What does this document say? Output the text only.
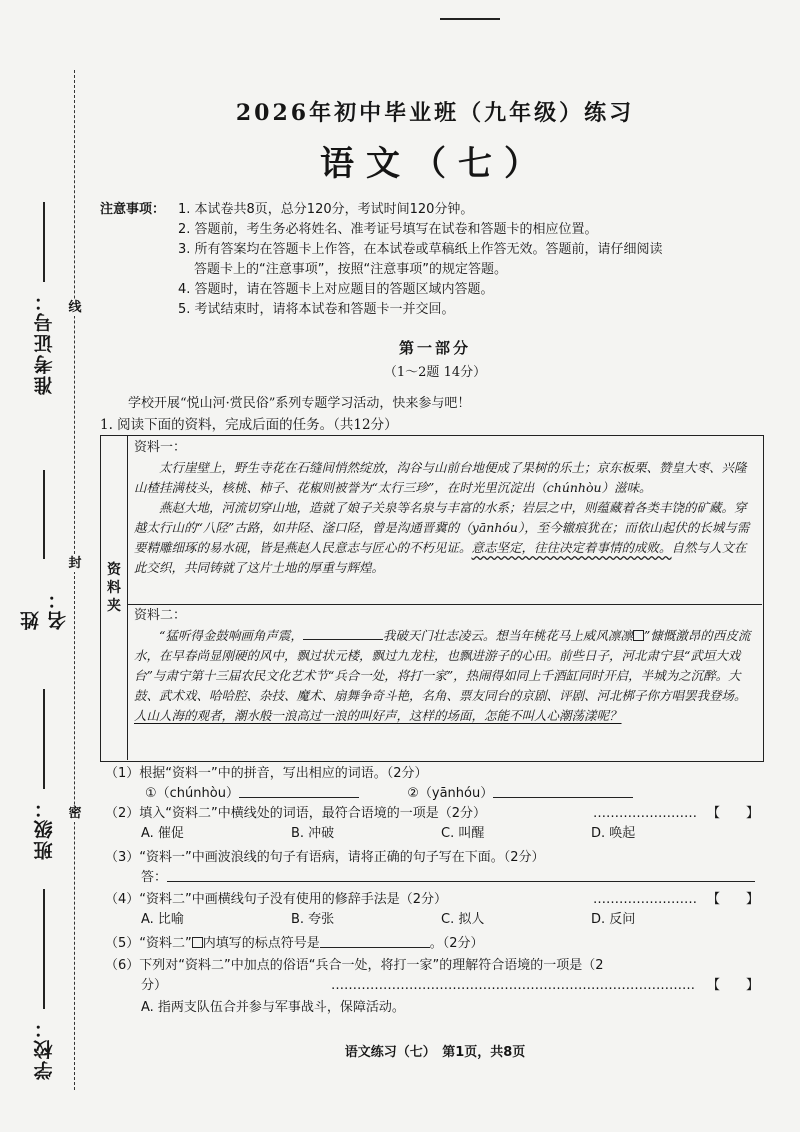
线
封
密
准考证号：
姓名：
班级：
学校：
2026年初中毕业班（九年级）练习
语文（七）
注意事项： 1. 本试卷共8页，总分120分，考试时间120分钟。
2. 答题前，考生务必将姓名、准考证号填写在试卷和答题卡的相应位置。
3. 所有答案均在答题卡上作答，在本试卷或草稿纸上作答无效。答题前，请仔细阅读
答题卡上的“注意事项”，按照“注意事项”的规定答题。
4. 答题时，请在答题卡上对应题目的答题区域内答题。
5. 考试结束时，请将本试卷和答题卡一并交回。
第一部分
（1～2题 14分）
学校开展“悦山河·赏民俗”系列专题学习活动，快来参与吧！
1. 阅读下面的资料，完成后面的任务。（共12分）
资料夹
资料一：

太行崖壁上，野生寺花在石缝间悄然绽放，沟谷与山前台地便成了果树的乐土；京东板栗、赞皇大枣、兴隆山楂挂满枝头，核桃、柿子、花椒则被誉为“太行三珍”，在时光里沉淀出（chúnhòu）滋味。

燕赵大地，河流切穿山地，造就了娘子关泉等名泉与丰富的水系；岩层之中，则蕴藏着各类丰饶的矿藏。穿越太行山的“八陉”古路，如井陉、滏口陉，曾是沟通晋冀的（yānhóu），至今辙痕犹在；而依山起伏的长城与需要精雕细琢的易水砚，皆是燕赵人民意志与匠心的不朽见证。意志坚定，往往决定着事情的成败。自然与人文在此交织，共同铸就了这片土地的厚重与辉煌。

资料二：

“猛听得金鼓响画角声震，	我破天门壮志凌云。想当年桃花马上威风凛凛 ”慷慨激昂的西皮流水，在早春尚显刚硬的风中，飘过状元楼，飘过九龙柱，也飘进游子的心田。前些日子，河北肃宁县“武垣大戏台”与肃宁第十三届农民文化艺术节“兵合一处，将打一家”，热闹得如同上千酒缸同时开启，半城为之沉醉。大鼓、武术戏、哈哈腔、杂技、魔术、扇舞争奇斗艳，名角、票友同台的京剧、评剧、河北梆子你方唱罢我登场。人山人海的观者，潮水般一浪高过一浪的叫好声，这样的场面，怎能不叫人心潮荡漾呢？

（1）根据“资料一”中的拼音，写出相应的词语。（2分）
①（chúnhòu）	②（yānhóu）
（2）填入“资料二”中横线处的词语，最符合语境的一项是（2分）	…………………… 【　　】
A. 催促	B. 冲破	C. 叫醒	D. 唤起
（3）“资料一”中画波浪线的句子有语病，请将正确的句子写在下面。（2分）
答：
（4）“资料二”中画横线句子没有使用的修辞手法是（2分）	…………………… 【　　】
A. 比喻	B. 夸张	C. 拟人	D. 反问
（5）“资料二” 内填写的标点符号是	。（2分）
（6）下列对“资料二”中加点的俗语“兵合一处，将打一家”的理解符合语境的一项是（2
分）	………………………………………………………………………… 【　　】
A. 指两支队伍合并参与军事战斗，保障活动。
语文练习（七）　第1页，共8页
